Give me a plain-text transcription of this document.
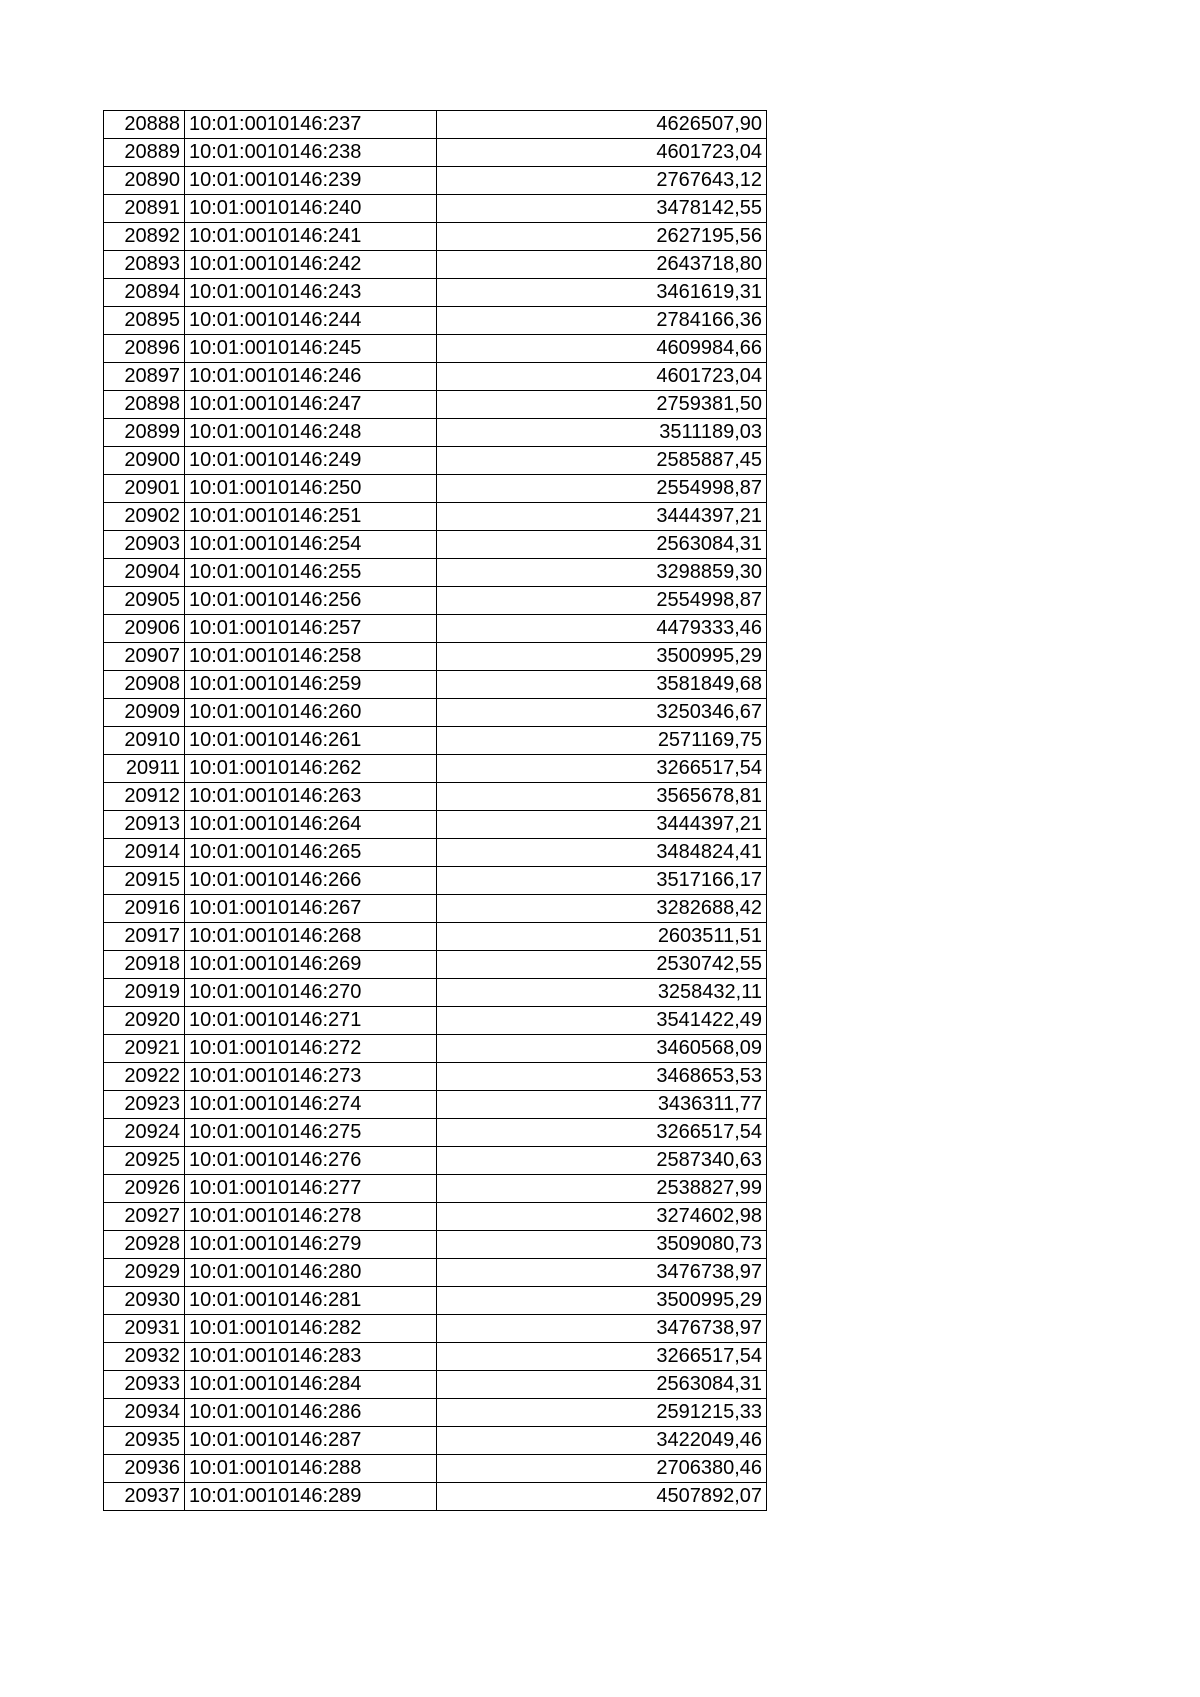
20888	10:01:0010146:237	4626507,90
20889	10:01:0010146:238	4601723,04
20890	10:01:0010146:239	2767643,12
20891	10:01:0010146:240	3478142,55
20892	10:01:0010146:241	2627195,56
20893	10:01:0010146:242	2643718,80
20894	10:01:0010146:243	3461619,31
20895	10:01:0010146:244	2784166,36
20896	10:01:0010146:245	4609984,66
20897	10:01:0010146:246	4601723,04
20898	10:01:0010146:247	2759381,50
20899	10:01:0010146:248	3511189,03
20900	10:01:0010146:249	2585887,45
20901	10:01:0010146:250	2554998,87
20902	10:01:0010146:251	3444397,21
20903	10:01:0010146:254	2563084,31
20904	10:01:0010146:255	3298859,30
20905	10:01:0010146:256	2554998,87
20906	10:01:0010146:257	4479333,46
20907	10:01:0010146:258	3500995,29
20908	10:01:0010146:259	3581849,68
20909	10:01:0010146:260	3250346,67
20910	10:01:0010146:261	2571169,75
20911	10:01:0010146:262	3266517,54
20912	10:01:0010146:263	3565678,81
20913	10:01:0010146:264	3444397,21
20914	10:01:0010146:265	3484824,41
20915	10:01:0010146:266	3517166,17
20916	10:01:0010146:267	3282688,42
20917	10:01:0010146:268	2603511,51
20918	10:01:0010146:269	2530742,55
20919	10:01:0010146:270	3258432,11
20920	10:01:0010146:271	3541422,49
20921	10:01:0010146:272	3460568,09
20922	10:01:0010146:273	3468653,53
20923	10:01:0010146:274	3436311,77
20924	10:01:0010146:275	3266517,54
20925	10:01:0010146:276	2587340,63
20926	10:01:0010146:277	2538827,99
20927	10:01:0010146:278	3274602,98
20928	10:01:0010146:279	3509080,73
20929	10:01:0010146:280	3476738,97
20930	10:01:0010146:281	3500995,29
20931	10:01:0010146:282	3476738,97
20932	10:01:0010146:283	3266517,54
20933	10:01:0010146:284	2563084,31
20934	10:01:0010146:286	2591215,33
20935	10:01:0010146:287	3422049,46
20936	10:01:0010146:288	2706380,46
20937	10:01:0010146:289	4507892,07
